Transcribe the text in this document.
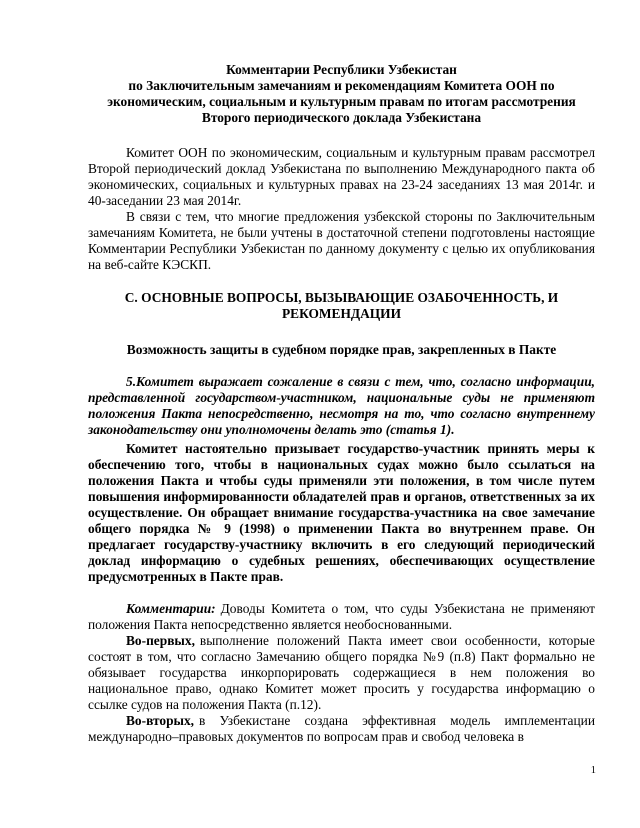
Комментарии Республики Узбекистан
по Заключительным замечаниям и рекомендациям Комитета ООН по
экономическим, социальным и культурным правам по итогам рассмотрения
Второго периодического доклада Узбекистана

Комитет ООН по экономическим, социальным и культурным правам рассмотрел Второй периодический доклад Узбекистана по выполнению Международного пакта об экономических, социальных и культурных правах на 23-24 заседаниях 13 мая 2014г. и 40-заседании 23 мая 2014г.

В связи с тем, что многие предложения узбекской стороны по Заключительным замечаниям Комитета, не были учтены в достаточной степени подготовлены настоящие Комментарии Республики Узбекистан по данному документу с целью их опубликования на веб-сайте КЭСКП.

С. ОСНОВНЫЕ ВОПРОСЫ, ВЫЗЫВАЮЩИЕ ОЗАБОЧЕННОСТЬ, И
РЕКОМЕНДАЦИИ
Возможность защиты в судебном порядке прав, закрепленных в Пакте

5.Комитет выражает сожаление в связи с тем, что, согласно информации, представленной государством-участником, национальные суды не применяют положения Пакта непосредственно, несмотря на то, что согласно внутреннему законодательству они уполномочены делать это (статья 1).

Комитет настоятельно призывает государство-участник принять меры к обеспечению того, чтобы в национальных судах можно было ссылаться на положения Пакта и чтобы суды применяли эти положения, в том числе путем повышения информированности обладателей прав и органов, ответственных за их осуществление. Он обращает внимание государства-участника на свое замечание общего порядка № 9 (1998) о применении Пакта во внутреннем праве. Он предлагает государству-участнику включить в его следующий периодический доклад информацию о судебных решениях, обеспечивающих осуществление предусмотренных в Пакте прав.

Комментарии: Доводы Комитета о том, что суды Узбекистана не применяют положения Пакта непосредственно является необоснованными.

Во-первых, выполнение положений Пакта имеет свои особенности, которые состоят в том, что согласно Замечанию общего порядка №9 (п.8) Пакт формально не обязывает государства инкорпорировать содержащиеся в нем положения во национальное право, однако Комитет может просить у государства информацию о ссылке судов на положения Пакта (п.12).

Во-вторых, в Узбекистане создана эффективная модель имплементации международно–правовых документов по вопросам прав и свобод человека в

1
